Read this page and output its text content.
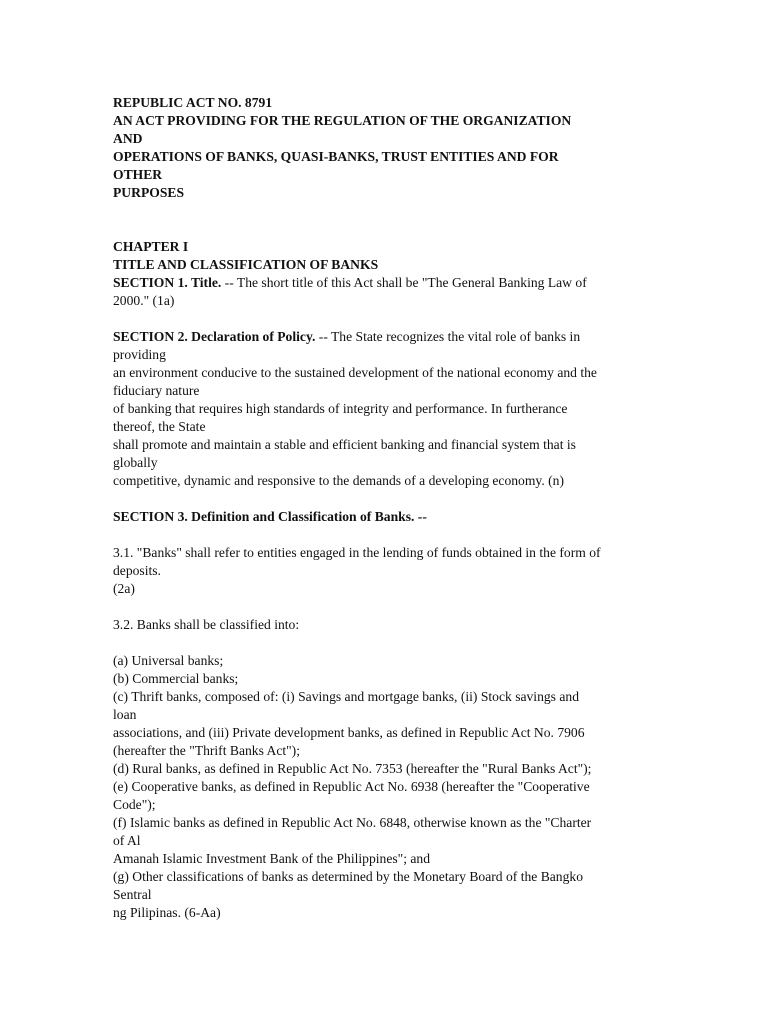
REPUBLIC ACT NO. 8791
AN ACT PROVIDING FOR THE REGULATION OF THE ORGANIZATION
AND
OPERATIONS OF BANKS, QUASI-BANKS, TRUST ENTITIES AND FOR
OTHER
PURPOSES
CHAPTER I
TITLE AND CLASSIFICATION OF BANKS
SECTION 1. Title. -- The short title of this Act shall be "The General Banking Law of
2000." (1a)
SECTION 2. Declaration of Policy. -- The State recognizes the vital role of banks in
providing
an environment conducive to the sustained development of the national economy and the
fiduciary nature
of banking that requires high standards of integrity and performance. In furtherance
thereof, the State
shall promote and maintain a stable and efficient banking and financial system that is
globally
competitive, dynamic and responsive to the demands of a developing economy. (n)
SECTION 3. Definition and Classification of Banks. --
3.1. "Banks" shall refer to entities engaged in the lending of funds obtained in the form of
deposits.
(2a)
3.2. Banks shall be classified into:
(a) Universal banks;
(b) Commercial banks;
(c) Thrift banks, composed of: (i) Savings and mortgage banks, (ii) Stock savings and
loan
associations, and (iii) Private development banks, as defined in Republic Act No. 7906
(hereafter the "Thrift Banks Act");
(d) Rural banks, as defined in Republic Act No. 7353 (hereafter the "Rural Banks Act");
(e) Cooperative banks, as defined in Republic Act No. 6938 (hereafter the "Cooperative
Code");
(f) Islamic banks as defined in Republic Act No. 6848, otherwise known as the "Charter
of Al
Amanah Islamic Investment Bank of the Philippines"; and
(g) Other classifications of banks as determined by the Monetary Board of the Bangko
Sentral
ng Pilipinas. (6-Aa)
